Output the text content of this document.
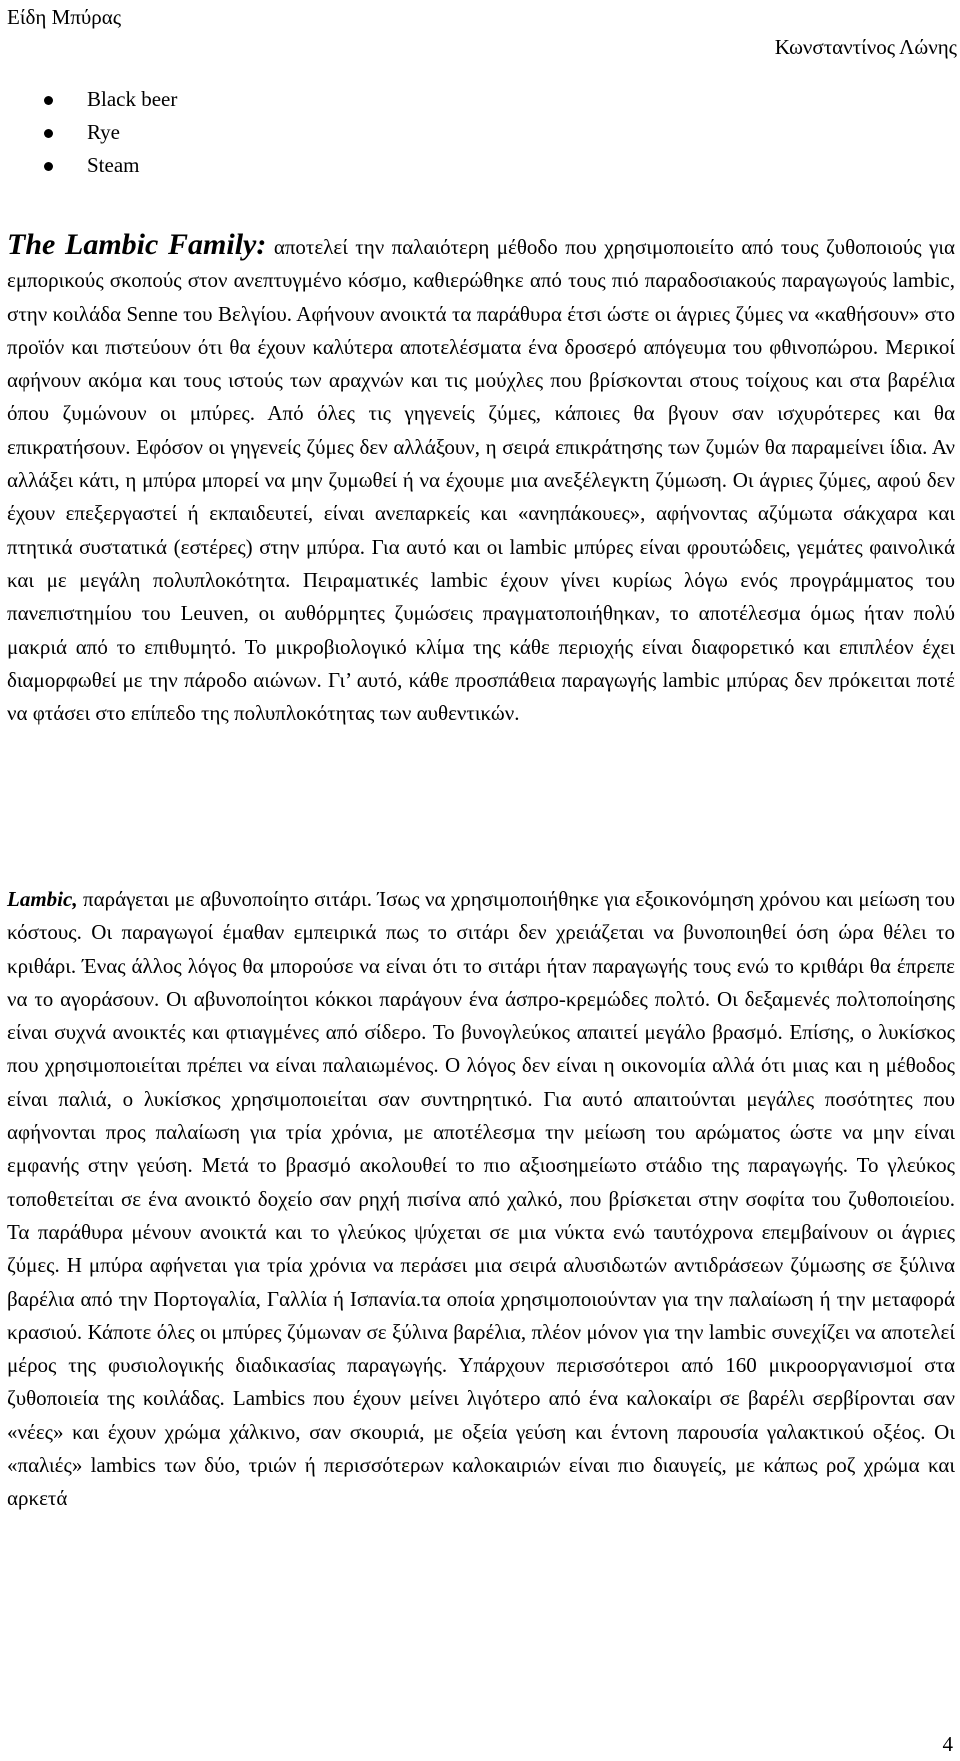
Είδη Μπύρας
Κωνσταντίνος Λώνης
Black beer
Rye
Steam

The Lambic Family: αποτελεί την παλαιότερη μέθοδο που χρησιμοποιείτο από τους ζυθοποιούς για εμπορικούς σκοπούς στον ανεπτυγμένο κόσμο, καθιερώθηκε από τους πιό παραδοσιακούς παραγωγούς lambic, στην κοιλάδα Senne του Βελγίου. Αφήνουν ανοικτά τα παράθυρα έτσι ώστε οι άγριες ζύμες να «καθήσουν» στο προϊόν και πιστεύουν ότι θα έχουν καλύτερα αποτελέσματα ένα δροσερό απόγευμα του φθινοπώρου. Μερικοί αφήνουν ακόμα και τους ιστούς των αραχνών και τις μούχλες που βρίσκονται στους τοίχους και στα βαρέλια όπου ζυμώνουν οι μπύρες. Από όλες τις γηγενείς ζύμες, κάποιες θα βγουν σαν ισχυρότερες και θα επικρατήσουν. Εφόσον οι γηγενείς ζύμες δεν αλλάξουν, η σειρά επικράτησης των ζυμών θα παραμείνει ίδια. Αν αλλάξει κάτι, η μπύρα μπορεί να μην ζυμωθεί ή να έχουμε μια ανεξέλεγκτη ζύμωση. Οι άγριες ζύμες, αφού δεν έχουν επεξεργαστεί ή εκπαιδευτεί, είναι ανεπαρκείς και «ανηπάκουες», αφήνοντας αζύμωτα σάκχαρα και πτητικά συστατικά (εστέρες) στην μπύρα. Για αυτό και οι lambic μπύρες είναι φρουτώδεις, γεμάτες φαινολικά και με μεγάλη πολυπλοκότητα. Πειραματικές lambic έχουν γίνει κυρίως λόγω ενός προγράμματος του πανεπιστημίου του Leuven, οι αυθόρμητες ζυμώσεις πραγματοποιήθηκαν, το αποτέλεσμα όμως ήταν πολύ μακριά από το επιθυμητό. Το μικροβιολογικό κλίμα της κάθε περιοχής είναι διαφορετικό και επιπλέον έχει διαμορφωθεί με την πάροδο αιώνων. Γι’ αυτό, κάθε προσπάθεια παραγωγής lambic μπύρας δεν πρόκειται ποτέ να φτάσει στο επίπεδο της πολυπλοκότητας των αυθεντικών.

Lambic, παράγεται με αβυνοποίητο σιτάρι. Ίσως να χρησιμοποιήθηκε για εξοικονόμηση χρόνου και μείωση του κόστους. Οι παραγωγοί έμαθαν εμπειρικά πως το σιτάρι δεν χρειάζεται να βυνοποιηθεί όση ώρα θέλει το κριθάρι. Ένας άλλος λόγος θα μπορούσε να είναι ότι το σιτάρι ήταν παραγωγής τους ενώ το κριθάρι θα έπρεπε να το αγοράσουν. Οι αβυνοποίητοι κόκκοι παράγουν ένα άσπρο-κρεμώδες πολτό. Οι δεξαμενές πολτοποίησης είναι συχνά ανοικτές και φτιαγμένες από σίδερο. Το βυνογλεύκος απαιτεί μεγάλο βρασμό. Επίσης, ο λυκίσκος που χρησιμοποιείται πρέπει να είναι παλαιωμένος. Ο λόγος δεν είναι η οικονομία αλλά ότι μιας και η μέθοδος είναι παλιά, ο λυκίσκος χρησιμοποιείται σαν συντηρητικό. Για αυτό απαιτούνται μεγάλες ποσότητες που αφήνονται προς παλαίωση για τρία χρόνια, με αποτέλεσμα την μείωση του αρώματος ώστε να μην είναι εμφανής στην γεύση. Μετά το βρασμό ακολουθεί το πιο αξιοσημείωτο στάδιο της παραγωγής. Το γλεύκος τοποθετείται σε ένα ανοικτό δοχείο σαν ρηχή πισίνα από χαλκό, που βρίσκεται στην σοφίτα του ζυθοποιείου. Τα παράθυρα μένουν ανοικτά και το γλεύκος ψύχεται σε μια νύκτα ενώ ταυτόχρονα επεμβαίνουν οι άγριες ζύμες. Η μπύρα αφήνεται για τρία χρόνια να περάσει μια σειρά αλυσιδωτών αντιδράσεων ζύμωσης σε ξύλινα βαρέλια από την Πορτογαλία, Γαλλία ή Ισπανία.τα οποία χρησιμοποιούνταν για την παλαίωση ή την μεταφορά κρασιού. Κάποτε όλες οι μπύρες ζύμωναν σε ξύλινα βαρέλια, πλέον μόνον για την lambic συνεχίζει να αποτελεί μέρος της φυσιολογικής διαδικασίας παραγωγής. Υπάρχουν περισσότεροι από 160 μικροοργανισμοί στα ζυθοποιεία της κοιλάδας. Lambics που έχουν μείνει λιγότερο από ένα καλοκαίρι σε βαρέλι σερβίρονται σαν «νέες» και έχουν χρώμα χάλκινο, σαν σκουριά, με οξεία γεύση και έντονη παρουσία γαλακτικού οξέος. Οι «παλιές» lambics των δύο, τριών ή περισσότερων καλοκαιριών είναι πιο διαυγείς, με κάπως ροζ χρώμα και αρκετά

4
